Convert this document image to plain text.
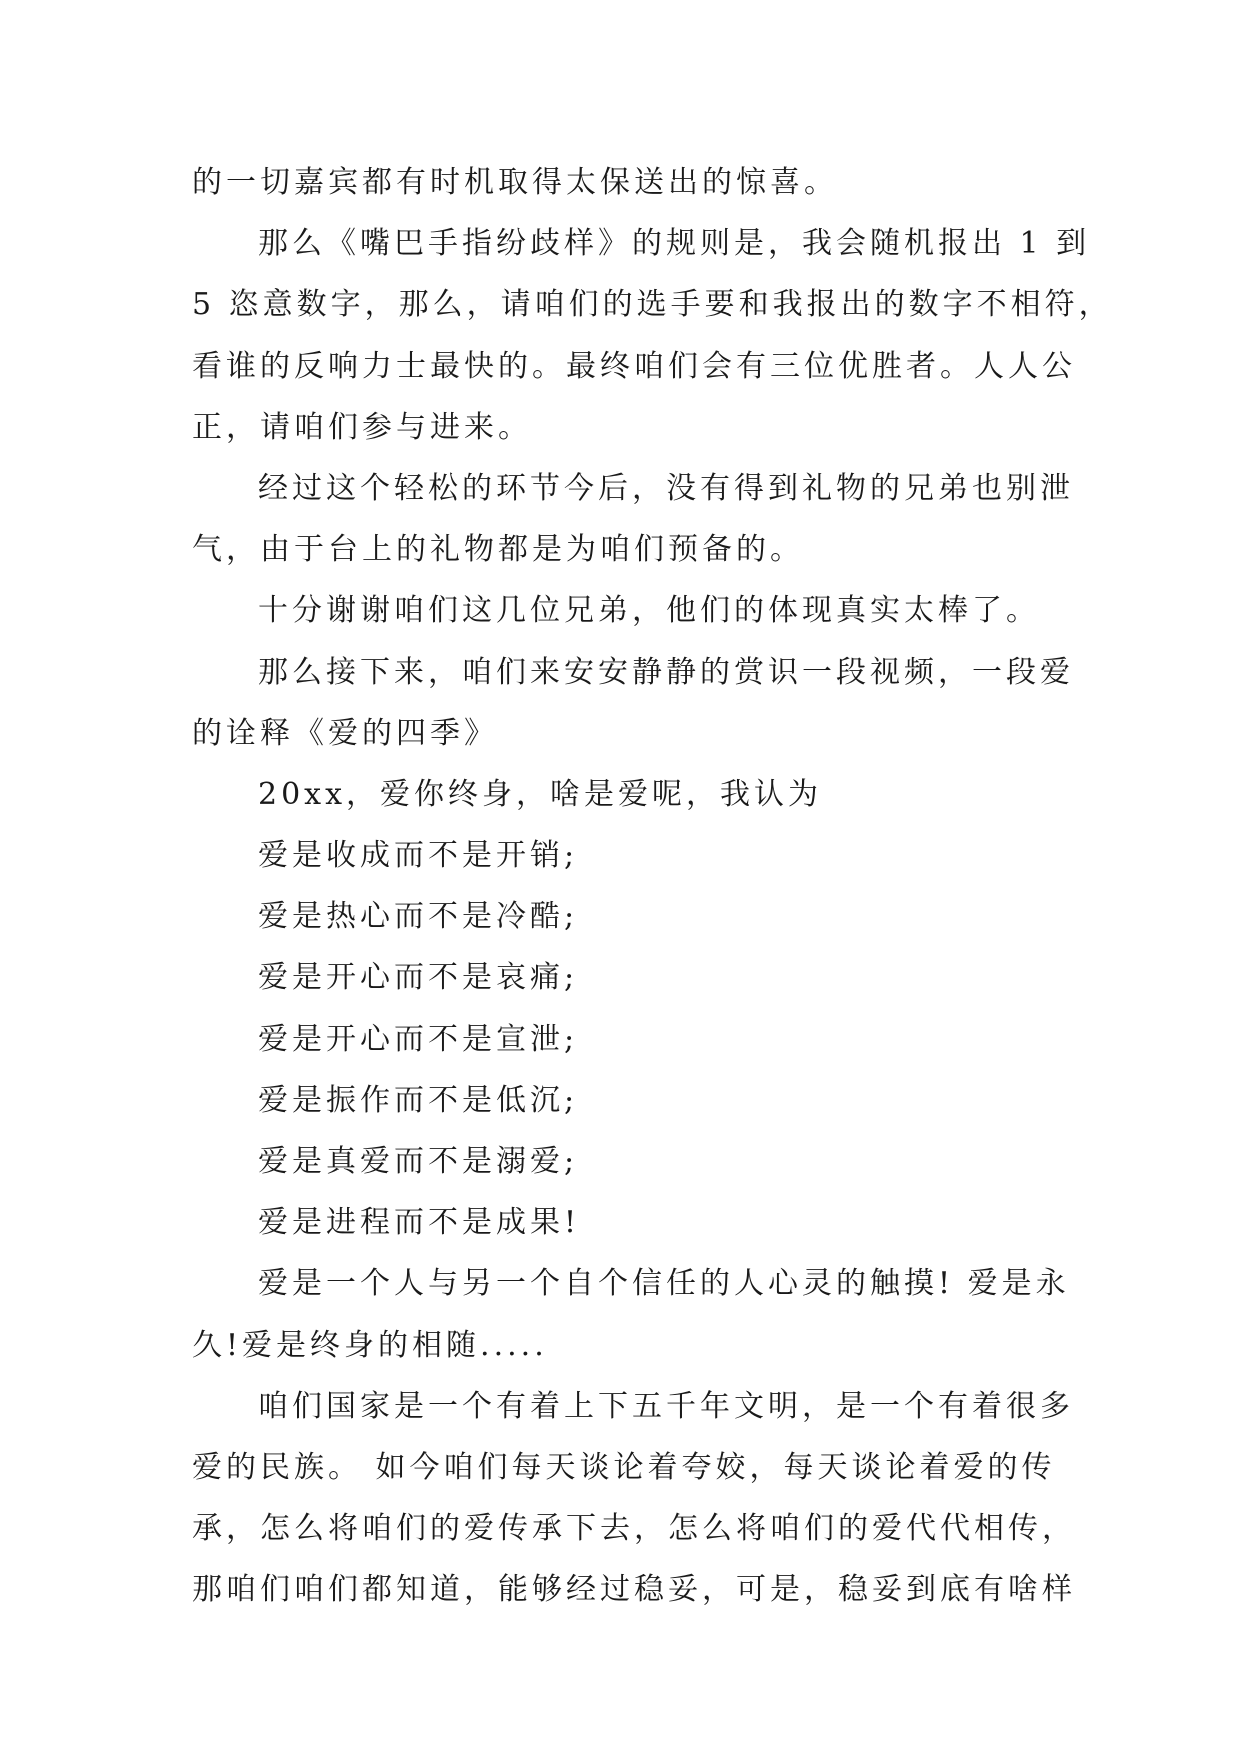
的一切嘉宾都有时机取得太保送出的惊喜。

那么《嘴巴手指纷歧样》的规则是，我会随机报出 1 到

5 恣意数字，那么，请咱们的选手要和我报出的数字不相符，

看谁的反响力士最快的。最终咱们会有三位优胜者。人人公

正，请咱们参与进来。

经过这个轻松的环节今后，没有得到礼物的兄弟也别泄

气，由于台上的礼物都是为咱们预备的。

十分谢谢咱们这几位兄弟，他们的体现真实太棒了。

那么接下来，咱们来安安静静的赏识一段视频，一段爱

的诠释《爱的四季》

20xx，爱你终身，啥是爱呢，我认为

爱是收成而不是开销;

爱是热心而不是冷酷;

爱是开心而不是哀痛;

爱是开心而不是宣泄;

爱是振作而不是低沉;

爱是真爱而不是溺爱;

爱是进程而不是成果!

爱是一个人与另一个自个信任的人心灵的触摸! 爱是永

久!爱是终身的相随.....

咱们国家是一个有着上下五千年文明，是一个有着很多

爱的民族。 如今咱们每天谈论着夸姣，每天谈论着爱的传

承，怎么将咱们的爱传承下去，怎么将咱们的爱代代相传，

那咱们咱们都知道，能够经过稳妥，可是，稳妥到底有啥样
